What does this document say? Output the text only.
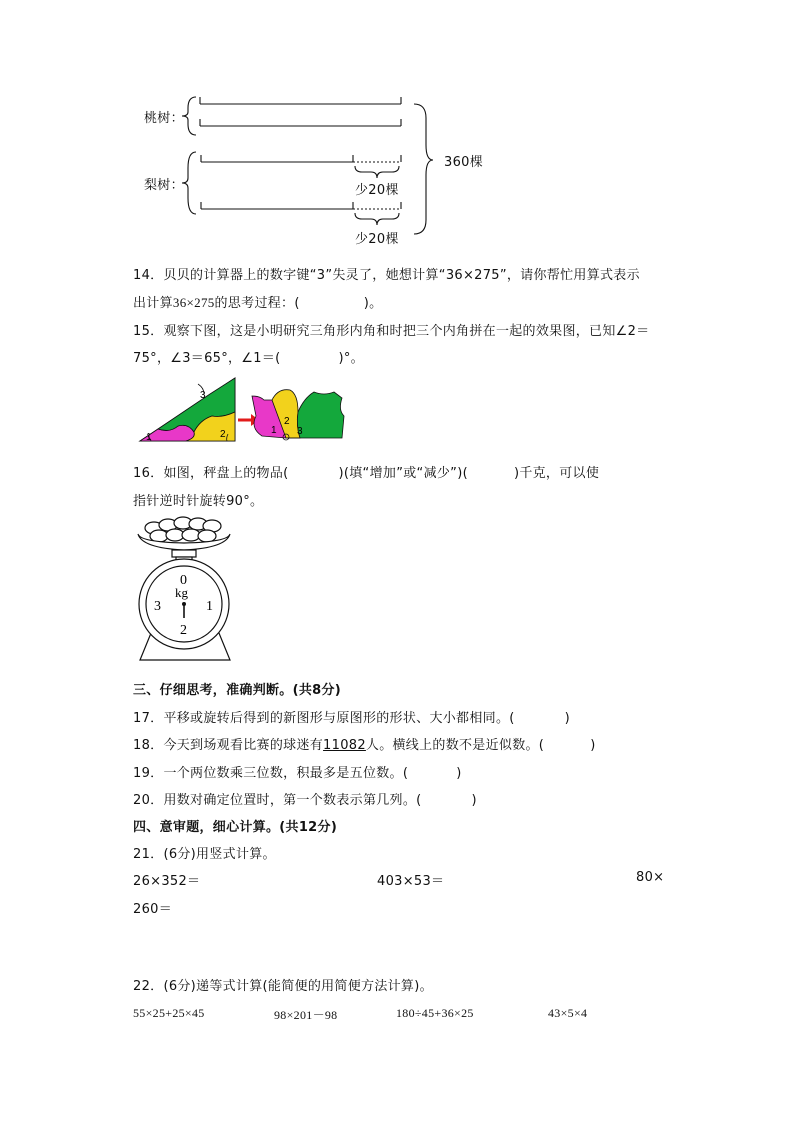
桃树：
梨树：
360棵
少20棵
少20棵
14．贝贝的计算器上的数字键“3”失灵了，她想计算“36×275”，请你帮忙用算式表示
出计算36×275的思考过程：(	)。
15．观察下图，这是小明研究三角形内角和时把三个内角拼在一起的效果图，已知∠2＝
75°，∠3＝65°，∠1＝(	)°。
3
1	2	1
2
3
16．如图，秤盘上的物品(	)(填“增加”或“减少”)(	)千克，可以使
指针逆时针旋转90°。
0
1
2
3
kg
三、仔细思考，准确判断。(共8分)
17．平移或旋转后得到的新图形与原图形的形状、大小都相同。(	)
18．今天到场观看比赛的球迷有11082人。横线上的数不是近似数。(	)
19．一个两位数乘三位数，积最多是五位数。(	)
20．用数对确定位置时，第一个数表示第几列。(	)
四、意审题，细心计算。(共12分)
21．(6分)用竖式计算。
26×352＝	403×53＝	80×
260＝
22．(6分)递等式计算(能简便的用简便方法计算)。
55×25+25×45	98×201－98	180÷45+36×25	43×5×4
